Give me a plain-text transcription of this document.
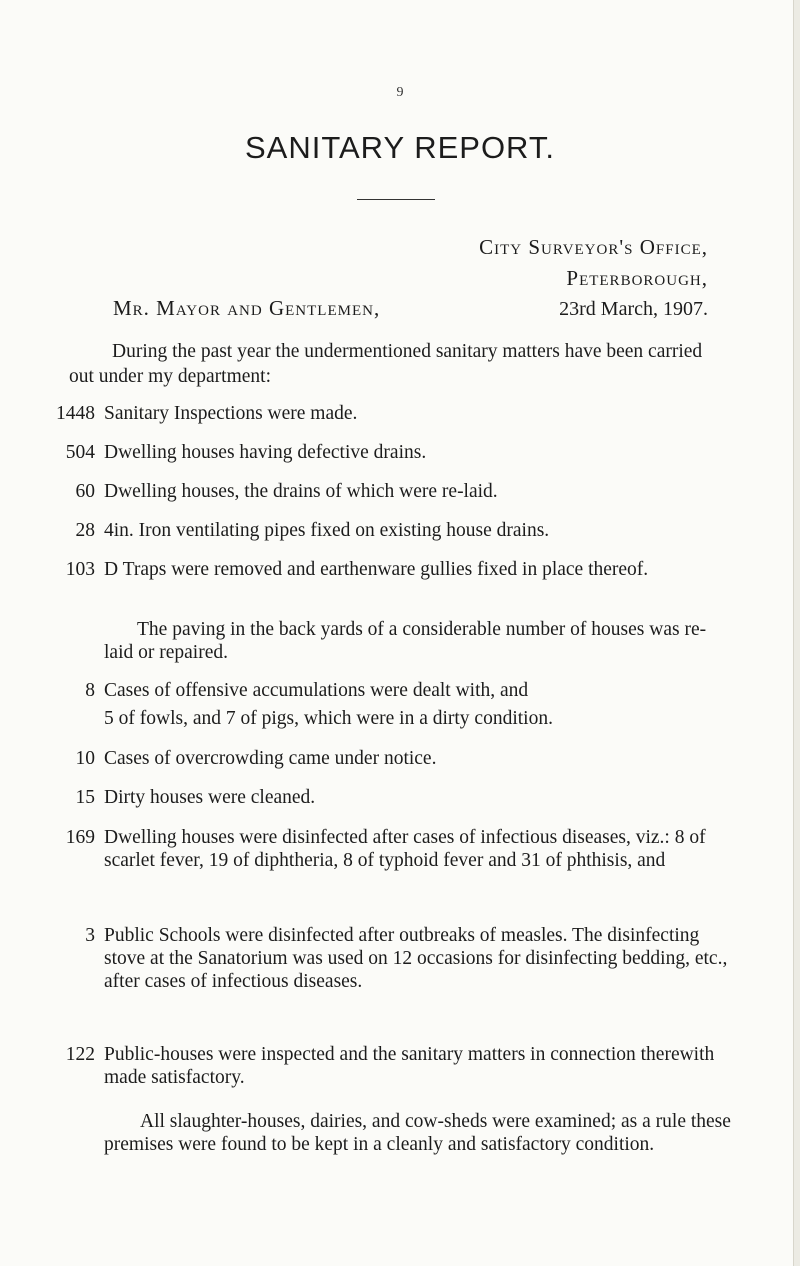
9
SANITARY REPORT.
City Surveyor's Office,
Peterborough,
23rd March, 1907.
Mr. Mayor and Gentlemen,
During the past year the undermentioned sanitary matters have been carried out under my department:
1448 Sanitary Inspections were made.
504 Dwelling houses having defective drains.
60 Dwelling houses, the drains of which were re-laid.
28 4in. Iron ventilating pipes fixed on existing house drains.
103 D Traps were removed and earthenware gullies fixed in place thereof.
The paving in the back yards of a considerable number of houses was re-laid or repaired.
8 Cases of offensive accumulations were dealt with, and
5 of fowls, and 7 of pigs, which were in a dirty condition.
10 Cases of overcrowding came under notice.
15 Dirty houses were cleaned.
169 Dwelling houses were disinfected after cases of infectious diseases, viz.: 8 of scarlet fever, 19 of diphtheria, 8 of typhoid fever and 31 of phthisis, and
3 Public Schools were disinfected after outbreaks of measles. The disinfecting stove at the Sanatorium was used on 12 occasions for disinfecting bedding, etc., after cases of infectious diseases.
122 Public-houses were inspected and the sanitary matters in connection therewith made satisfactory.
All slaughter-houses, dairies, and cow-sheds were examined; as a rule these premises were found to be kept in a cleanly and satisfactory condition.
